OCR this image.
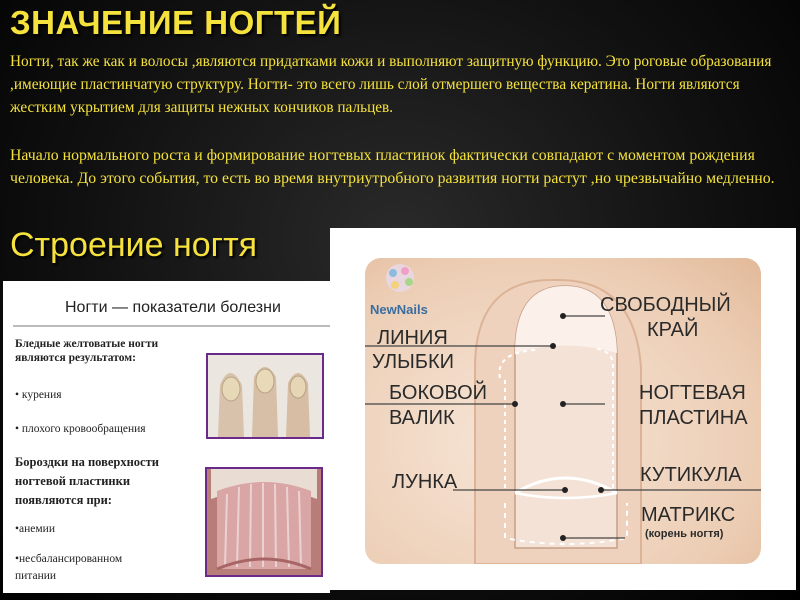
ЗНАЧЕНИЕ НОГТЕЙ
Ногти, так же как и волосы ,являются придатками кожи и выполняют защитную функцию. Это роговые образования ,имеющие пластинчатую структуру. Ногти- это всего лишь слой отмершего вещества кератина. Ногти являются жестким укрытием для защиты нежных кончиков пальцев.
Начало нормального роста и формирование ногтевых пластинок фактически совпадают с моментом рождения человека. До этого события, то есть во время внутриутробного развития ногти растут ,но чрезвычайно медленно.
Строение ногтя
Ногти — показатели болезни
Бледные желтоватые ногти являются результатом:
• курения
• плохого кровообращения
Бороздки на поверхности ногтевой пластинки появляются при:
•анемии
•несбалансированном питании
NewNails	СВОБОДНЫЙ
КРАЙ
ЛИНИЯ
УЛЫБКИ
БОКОВОЙ
ВАЛИК
НОГТЕВАЯ
ПЛАСТИНА
ЛУНКА	КУТИКУЛА
МАТРИКС
(корень ногтя)
